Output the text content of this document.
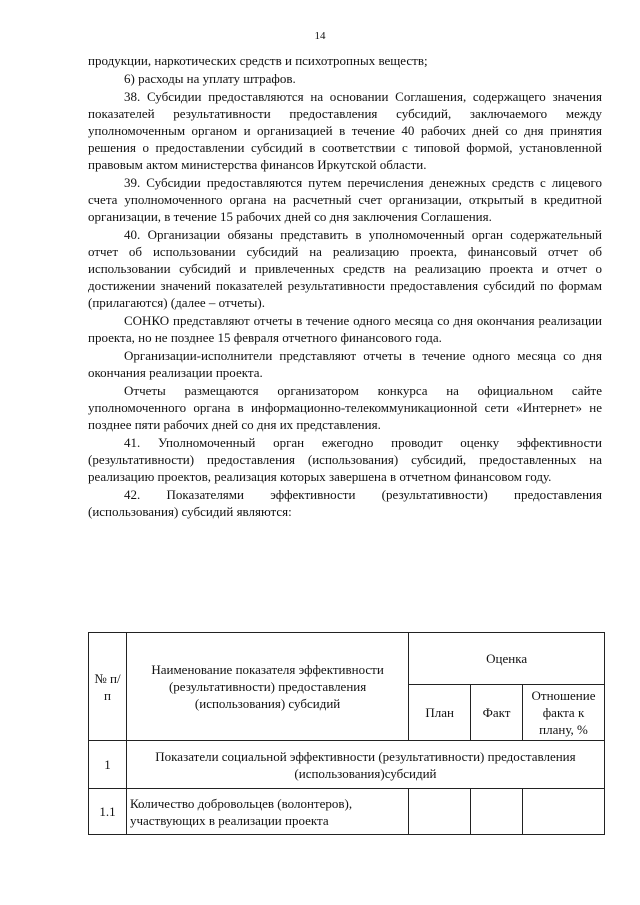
14

продукции, наркотических средств и психотропных веществ;

6) расходы на уплату штрафов.

38. Субсидии предоставляются на основании Соглашения, содержащего значения показателей результативности предоставления субсидий, заключаемого между уполномоченным органом и организацией в течение 40 рабочих дней со дня принятия решения о предоставлении субсидий в соответствии с типовой формой, установленной правовым актом министерства финансов Иркутской области.

39. Субсидии предоставляются путем перечисления денежных средств с лицевого счета уполномоченного органа на расчетный счет организации, открытый в кредитной организации, в течение 15 рабочих дней со дня заключения Соглашения.

40. Организации обязаны представить в уполномоченный орган содержательный отчет об использовании субсидий на реализацию проекта, финансовый отчет об использовании субсидий и привлеченных средств на реализацию проекта и отчет о достижении значений показателей результативности предоставления субсидий по формам (прилагаются) (далее – отчеты).

СОНКО представляют отчеты в течение одного месяца со дня окончания реализации проекта, но не позднее 15 февраля отчетного финансового года.

Организации-исполнители представляют отчеты в течение одного месяца со дня окончания реализации проекта.

Отчеты размещаются организатором конкурса на официальном сайте уполномоченного органа в информационно-телекоммуникационной сети «Интернет» не позднее пяти рабочих дней со дня их представления.

41. Уполномоченный орган ежегодно проводит оценку эффективности (результативности) предоставления (использования) субсидий, предоставленных на реализацию проектов, реализация которых завершена в отчетном финансовом году.

42. Показателями эффективности (результативности) предоставления (использования) субсидий являются:

№ п/п	Наименование показателя эффективности (результативности) предоставления (использования) субсидий	Оценка		
		План	Факт	Отношение факта к плану, %
1	Показатели социальной эффективности (результативности) предоставления (использования)субсидий			
1.1	Количество добровольцев (волонтеров), участвующих в реализации проекта			
